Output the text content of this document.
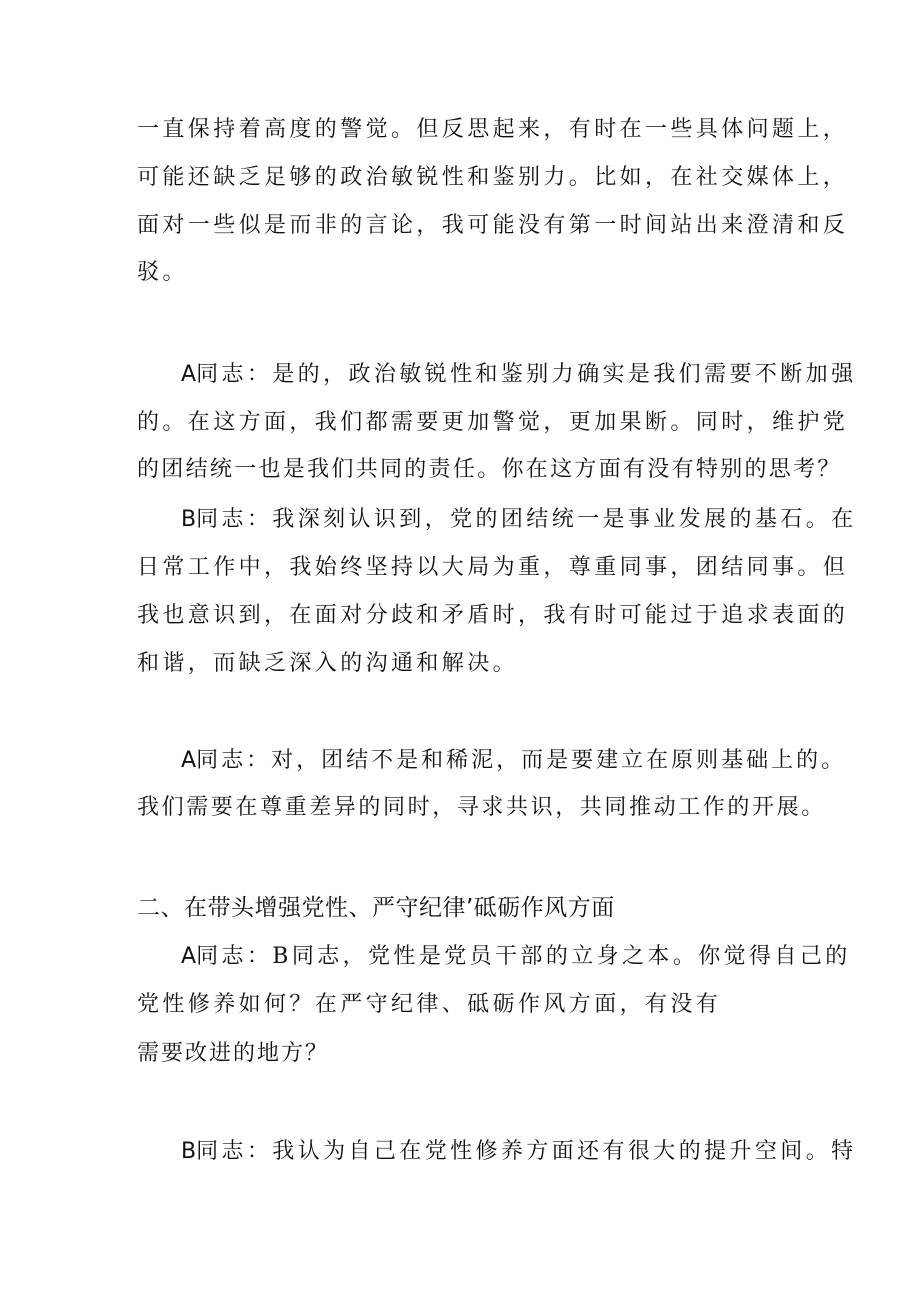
一直保持着高度的警觉。但反思起来，有时在一些具体问题上，
可能还缺乏足够的政治敏锐性和鉴别力。比如，在社交媒体上，
面对一些似是而非的言论，我可能没有第一时间站出来澄清和反
驳。
A同志：是的，政治敏锐性和鉴别力确实是我们需要不断加强
的。在这方面，我们都需要更加警觉，更加果断。同时，维护党
的团结统一也是我们共同的责任。你在这方面有没有特别的思考？
B同志：我深刻认识到，党的团结统一是事业发展的基石。在
日常工作中，我始终坚持以大局为重，尊重同事，团结同事。但
我也意识到，在面对分歧和矛盾时，我有时可能过于追求表面的
和谐，而缺乏深入的沟通和解决。
A同志：对，团结不是和稀泥，而是要建立在原则基础上的。
我们需要在尊重差异的同时，寻求共识，共同推动工作的开展。
二、在带头增强党性、严守纪律’砥砺作风方面
A同志：B同志，党性是党员干部的立身之本。你觉得自己的
党性修养如何？在严守纪律、砥砺作风方面，有没有
需要改进的地方？
B同志：我认为自己在党性修养方面还有很大的提升空间。特
